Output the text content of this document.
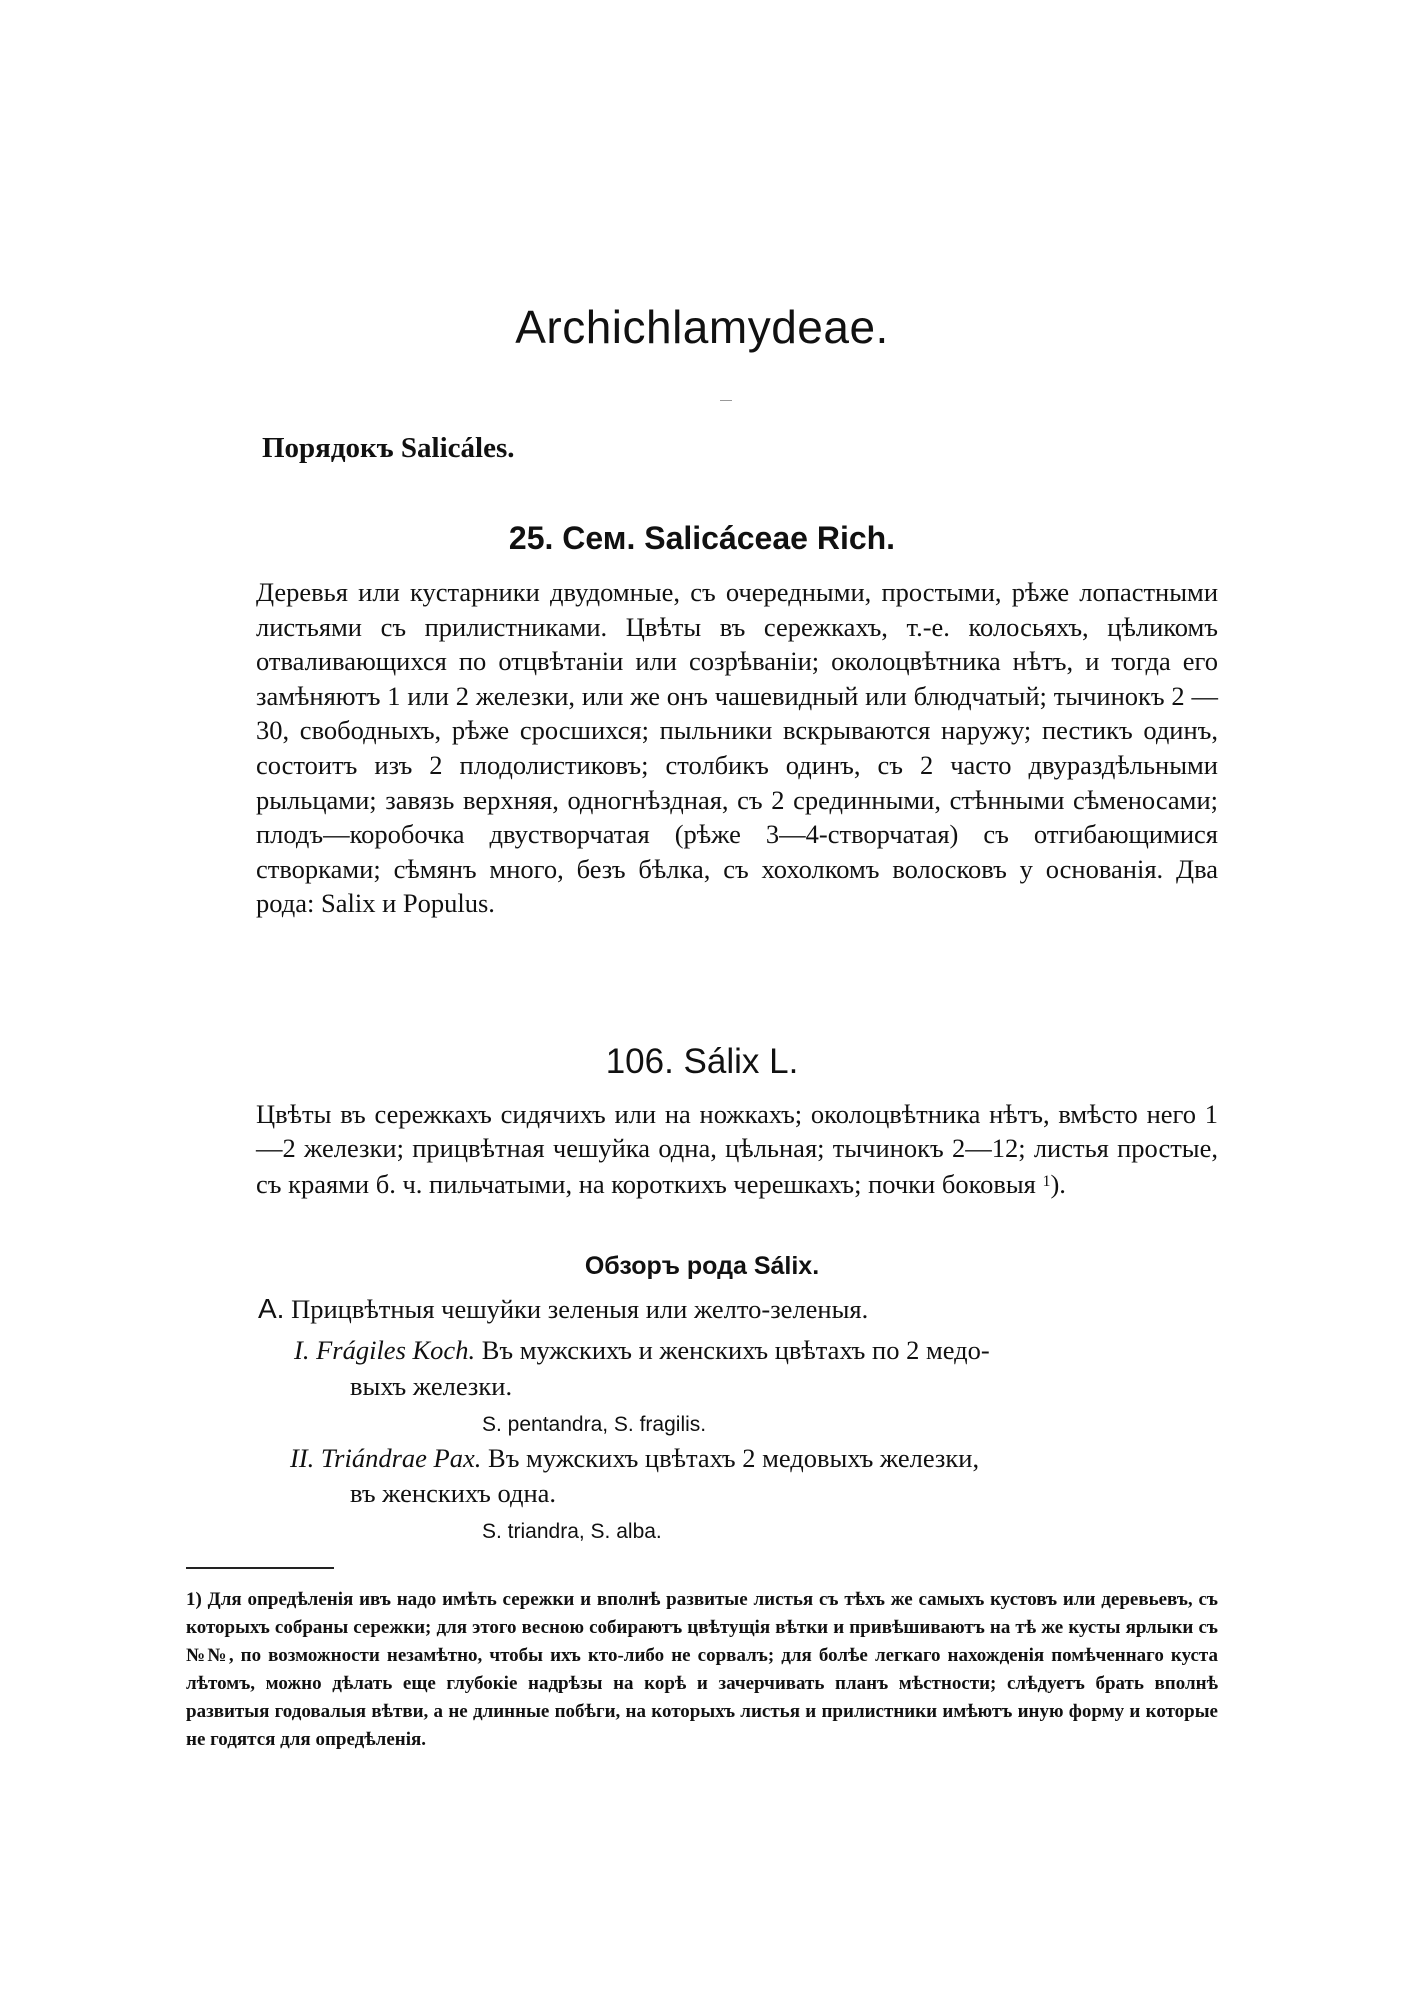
Archichlamydeae.
Порядокъ Salicáles.
25. Сем. Salicáceae Rich.
Деревья или кустарники двудомные, съ очередными, простыми, рѣже лопастными листьями съ прилистниками. Цвѣты въ сережкахъ, т.-е. колосьяхъ, цѣликомъ отваливающихся по отцвѣтаніи или созрѣваніи; околоцвѣтника нѣтъ, и тогда его замѣняютъ 1 или 2 железки, или же онъ чашевидный или блюдчатый; тычинокъ 2 — 30, свободныхъ, рѣже сросшихся; пыльники вскрываются наружу; пестикъ одинъ, состоитъ изъ 2 плодолистиковъ; столбикъ одинъ, съ 2 часто двураздѣльными рыльцами; завязь верхняя, одногнѣздная, съ 2 срединными, стѣнными сѣменосами; плодъ—коробочка двустворчатая (рѣже 3—4-створчатая) съ отгибающимися створками; сѣмянъ много, безъ бѣлка, съ хохолкомъ волосковъ у основанія. Два рода: Salix и Populus.
106. Sálix L.
Цвѣты въ сережкахъ сидячихъ или на ножкахъ; околоцвѣтника нѣтъ, вмѣсто него 1—2 железки; прицвѣтная чешуйка одна, цѣльная; тычинокъ 2—12; листья простые, съ краями б. ч. пильчатыми, на короткихъ черешкахъ; почки боковыя $^1$).
Обзоръ рода Sálix.
A. Прицвѣтныя чешуйки зеленыя или желто-зеленыя.
I. Frágiles Koch. Въ мужскихъ и женскихъ цвѣтахъ по 2 медо-
выхъ железки.
S. pentandra, S. fragilis.
II. Triándrae Pax. Въ мужскихъ цвѣтахъ 2 медовыхъ железки,
въ женскихъ одна.
S. triandra, S. alba.
1) Для опредѣленія ивъ надо имѣть сережки и вполнѣ развитые листья съ тѣхъ же самыхъ кустовъ или деревьевъ, съ которыхъ собраны сережки; для этого весною собираютъ цвѣтущія вѣтки и привѣшиваютъ на тѣ же кусты ярлыки съ №№, по возможности незамѣтно, чтобы ихъ кто-либо не сорвалъ; для болѣе легкаго нахожденія помѣченнаго куста лѣтомъ, можно дѣлать еще глубокіе надрѣзы на корѣ и зачерчивать планъ мѣстности; слѣдуетъ брать вполнѣ развитыя годовалыя вѣтви, а не длинные побѣги, на которыхъ листья и прилистники имѣютъ иную форму и которые не годятся для опредѣленія.
